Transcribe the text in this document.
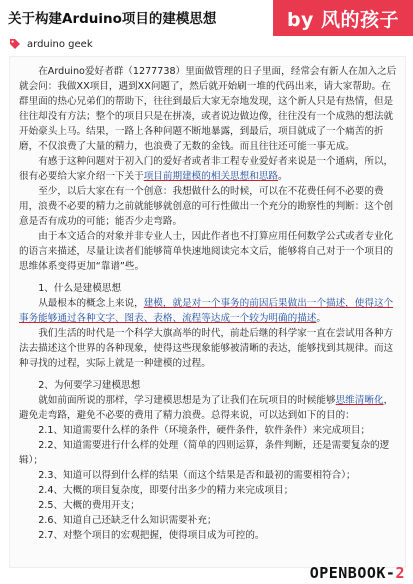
关于构建Arduino项目的建模思想	by 风的孩子
arduino geek

在Arduino爱好者群（1277738）里面做管理的日子里面，经常会有新人在加入之后就会问：我做XX项目，遇到XX问题了，然后就开始刷一堆的代码出来，请大家帮助。在群里面的热心兄弟们的帮助下，往往到最后大家无奈地发现，这个新人只是有热情，但是往往却没有方法；整个的项目只是在拼凑，或者说边做边像，往往没有一个成熟的想法就开始豪头上马。结果，一路上各种问题不断地暴露，到最后，项目就成了一个痛苦的折磨，不仅浪费了大量的精力，也浪费了无数的金钱。而且往往还可能一事无成。

有感于这种问题对于初入门的爱好者或者非工程专业爱好者来说是一个通病，所以，很有必要给大家介绍一下关于项目前期建模的相关思想和思路。

至少，以后大家在有一个创意：我想做什么的时候，可以在不花费任何不必要的费用，浪费不必要的精力之前就能够就创意的可行性做出一个充分的勘察性的判断：这个创意是否有成功的可能；能否少走弯路。

由于本文适合的对象并非专业人士，因此作者也不打算应用任何数学公式或者专业化的语言来描述，尽量让读者们能够简单快速地阅读完本文后，能够将自己对于一个项目的思维体系变得更加“靠谱”些。

1、什么是建模思想

从最根本的概念上来说，建模，就是对一个事务的前因后果做出一个描述，使得这个事务能够通过各种文字、图表、表格、流程等达成一个较为明确的描述。

我们生活的时代是一个科学大旗高举的时代，前赴后继的科学家一直在尝试用各种方法去描述这个世界的各种现象，使得这些现象能够被清晰的表达，能够找到其规律。而这种寻找的过程，实际上就是一种建模的过程。

2、为何要学习建模思想

就如前面所说的那样，学习建模思想是为了让我们在玩项目的时候能够思维清晰化，避免走弯路，避免不必要的费用了精力浪费。总得来说，可以达到如下的目的：

2.1、知道需要什么样的条件（环境条件，硬件条件，软件条件）来完成项目；

2.2、知道需要进行什么样的处理（简单的四则运算，条件判断，还是需要复杂的逻辑）；

2.3、知道可以得到什么样的结果（而这个结果是否和最初的需要相符合）；

2.4、大概的项目复杂度，即要付出多少的精力来完成项目；

2.5、大概的费用开支；

2.6、知道自己还缺乏什么知识需要补充；

2.7、对整个项目的宏观把握，使得项目成为可控的。

OPENBOOK-2
